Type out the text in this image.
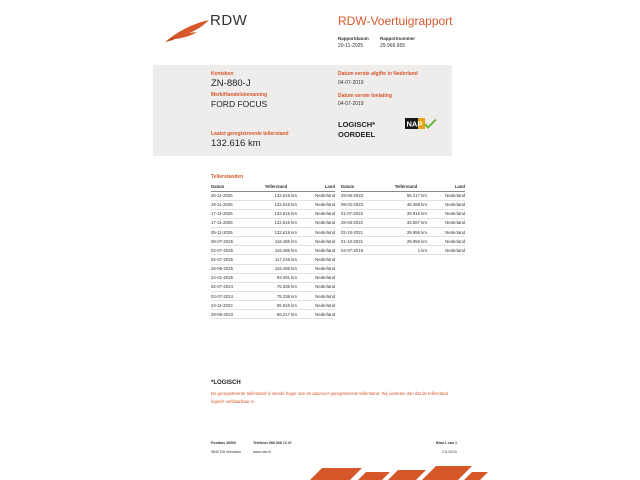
RDW	RDW-Voertuigrapport
Rapportdatum
20-11-2025
Rapportnummer
29.969.955
Kenteken
ZN-880-J
Merk/Handelsbenaming
FORD FOCUS
Laatst geregistreerde tellerstand
132.616 km
Datum eerste afgifte in Nederland
04-07-2019
Datum eerste toelating
04-07-2019
LOGISCH*
OORDEEL
NAP
Tellerstanden
Datum	Tellerstand	Land
20-11-2025	132.616 km	Nederland
19-11-2025	132.616 km	Nederland
17-11-2025	132.616 km	Nederland
17-11-2025	132.616 km	Nederland
05-11-2025	132.616 km	Nederland
08-07-2025	116.486 km	Nederland
02-07-2025	116.486 km	Nederland
02-07-2025	117.246 km	Nederland
25-06-2025	116.486 km	Nederland
24-01-2025	93.491 km	Nederland
02-07-2024	75.336 km	Nederland
02-07-2024	75.336 km	Nederland
24-11-2023	65.910 km	Nederland
29-06-2023	56.217 km	Nederland
Datum	Tellerstand	Land
29-06-2023	56.217 km	Nederland
09-02-2023	46.369 km	Nederland
01-07-2022	39.915 km	Nederland
28-03-2022	33.567 km	Nederland
02-10-2021	29.956 km	Nederland
01-10-2021	29.956 km	Nederland
04-07-2019	1 km	Nederland
*LOGISCH
De geregistreerde tellerstand is steeds hoger dan de daarvoor geregistreerde tellerstand. Wij oordelen dan dat de tellerstand logisch verklaarbaar is.
Postbus 30000
9640 RA Veendam
Telefoon 088 008 74 47
www.rdw.nl
Blad 1 van 1
2.6.10/10
